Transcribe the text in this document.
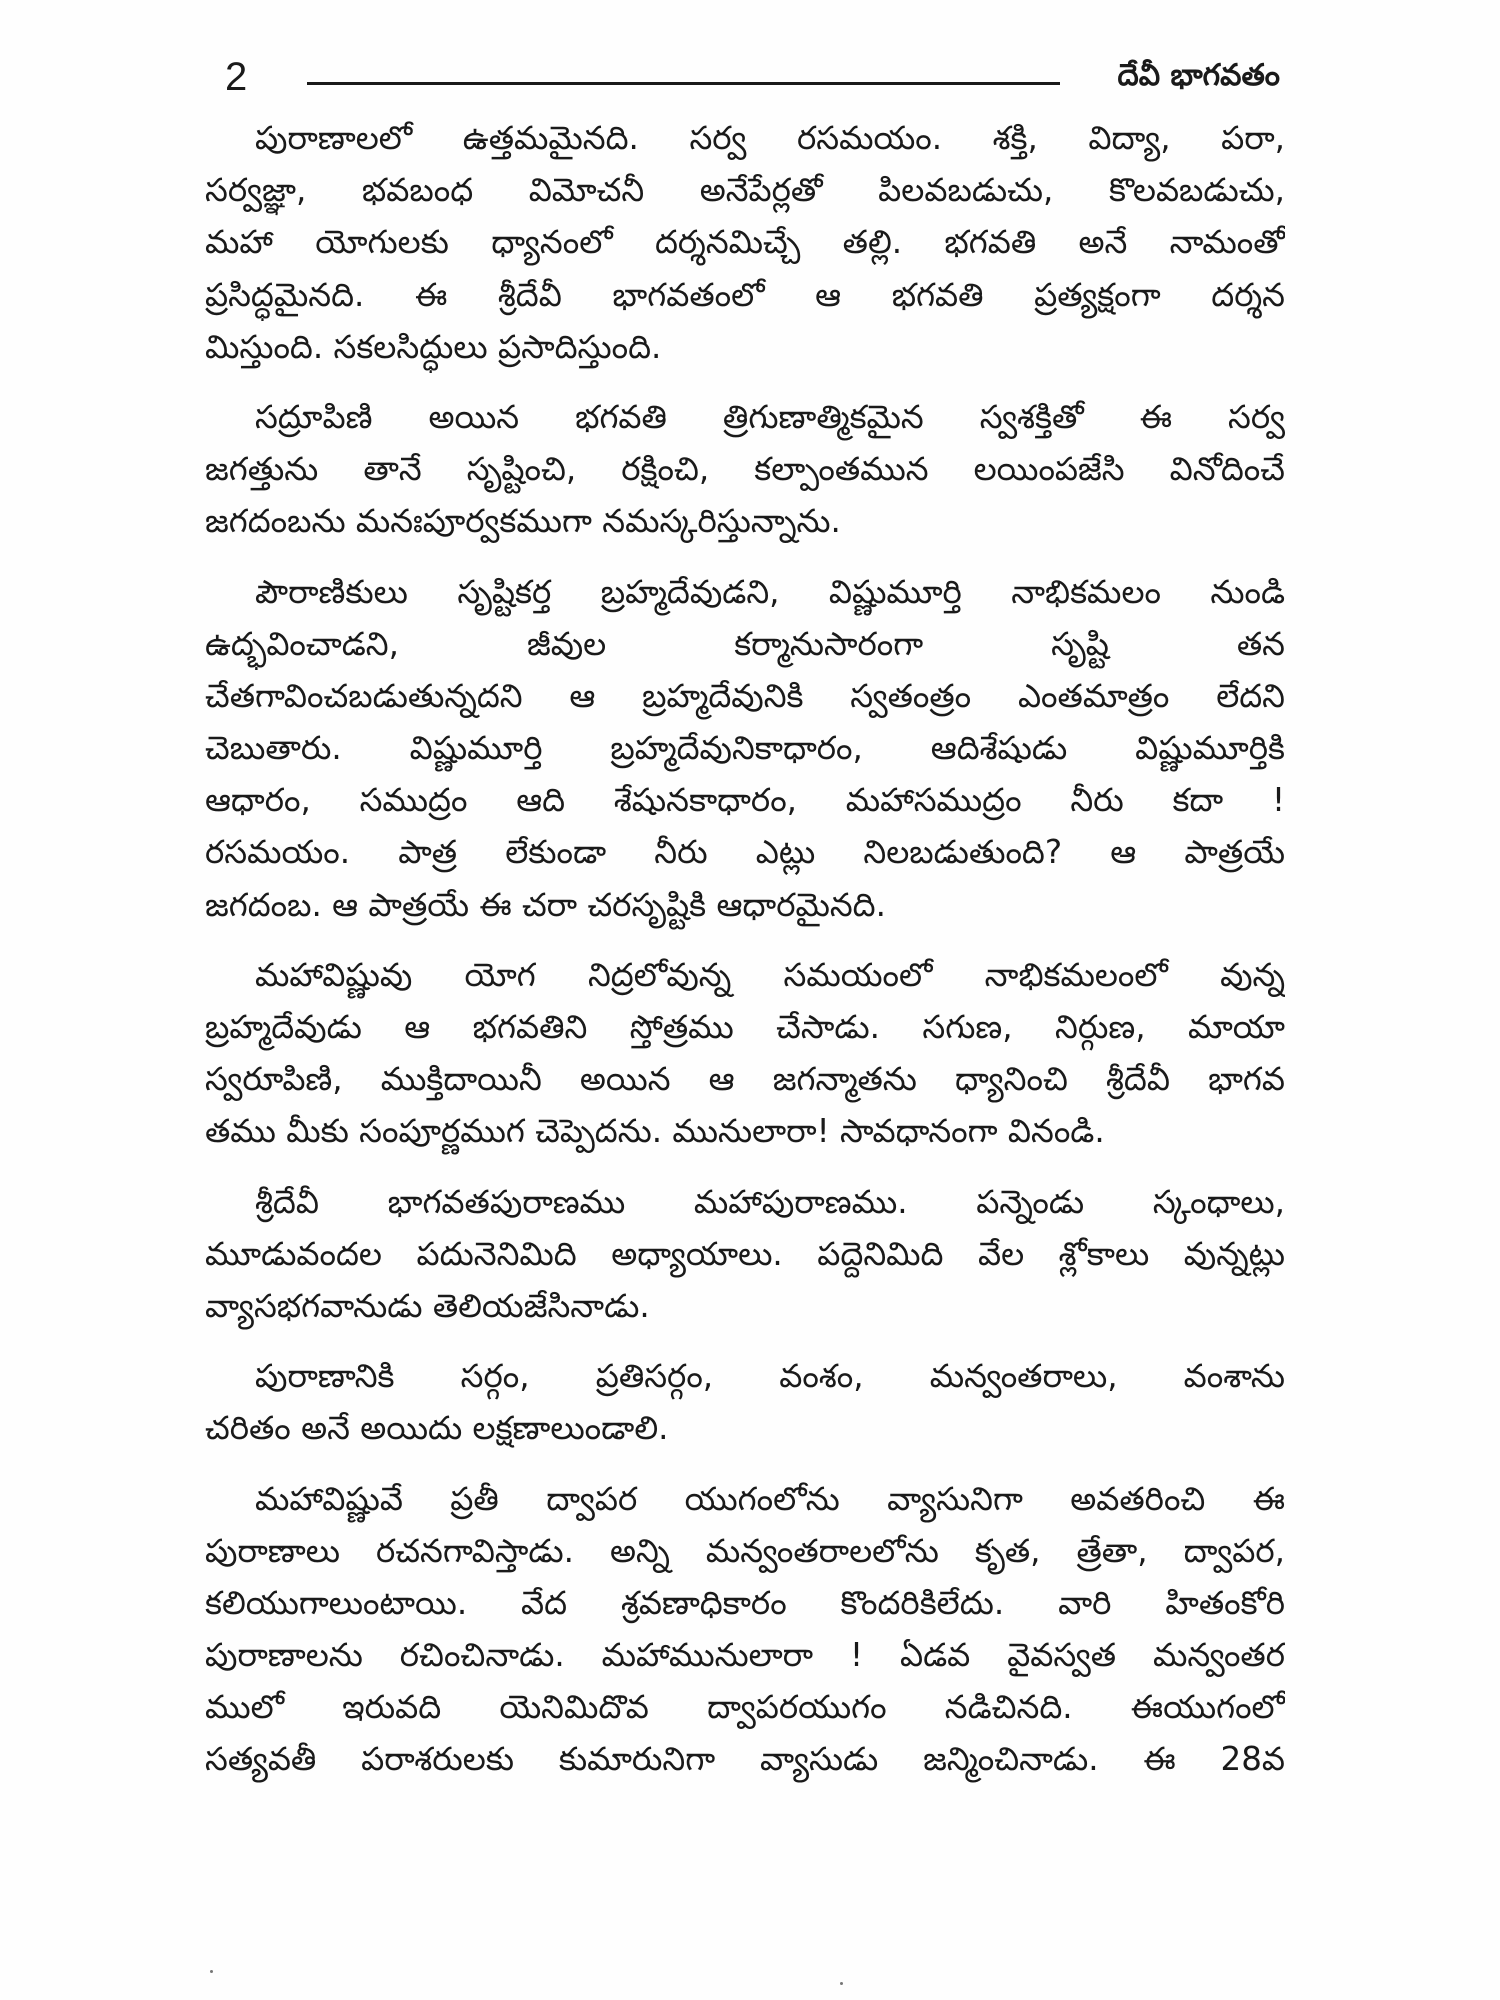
2	దేవీ భాగవతం
పురాణాలలో ఉత్తమమైనది. సర్వ రసమయం. శక్తి, విద్యా, పరా,
సర్వజ్ఞా, భవబంధ విమోచనీ అనేపేర్లతో పిలవబడుచు, కొలవబడుచు,
మహా యోగులకు ధ్యానంలో దర్శనమిచ్చే తల్లి. భగవతి అనే నామంతో
ప్రసిద్ధమైనది. ఈ శ్రీదేవీ భాగవతంలో ఆ భగవతి ప్రత్యక్షంగా దర్శన
మిస్తుంది. సకలసిద్ధులు ప్రసాదిస్తుంది.
సద్రూపిణి అయిన భగవతి త్రిగుణాత్మికమైన స్వశక్తితో ఈ సర్వ
జగత్తును తానే సృష్టించి, రక్షించి, కల్పాంతమున లయింపజేసి వినోదించే
జగదంబను మనఃపూర్వకముగా నమస్కరిస్తున్నాను.
పౌరాణికులు సృష్టికర్త బ్రహ్మదేవుడని, విష్ణుమూర్తి నాభికమలం నుండి
ఉద్భవించాడని, జీవుల కర్మానుసారంగా సృష్టి తన
చేతగావించబడుతున్నదని ఆ బ్రహ్మదేవునికి స్వతంత్రం ఎంతమాత్రం లేదని
చెబుతారు. విష్ణుమూర్తి బ్రహ్మదేవునికాధారం, ఆదిశేషుడు విష్ణుమూర్తికి
ఆధారం, సముద్రం ఆది శేషునకాధారం, మహాసముద్రం నీరు కదా !
రసమయం. పాత్ర లేకుండా నీరు ఎట్లు నిలబడుతుంది? ఆ పాత్రయే
జగదంబ. ఆ పాత్రయే ఈ చరా చరసృష్టికి ఆధారమైనది.
మహావిష్ణువు యోగ నిద్రలోవున్న సమయంలో నాభికమలంలో వున్న
బ్రహ్మదేవుడు ఆ భగవతిని స్తోత్రము చేసాడు. సగుణ, నిర్గుణ, మాయా
స్వరూపిణి, ముక్తిదాయినీ అయిన ఆ జగన్మాతను ధ్యానించి శ్రీదేవీ భాగవ
తము మీకు సంపూర్ణముగ చెప్పెదను. మునులారా! సావధానంగా వినండి.
శ్రీదేవీ భాగవతపురాణము మహాపురాణము. పన్నెండు స్కంధాలు,
మూడువందల పదునెనిమిది అధ్యాయాలు. పద్దెనిమిది వేల శ్లోకాలు వున్నట్లు
వ్యాసభగవానుడు తెలియజేసినాడు.
పురాణానికి సర్గం, ప్రతిసర్గం, వంశం, మన్వంతరాలు, వంశాను
చరితం అనే అయిదు లక్షణాలుండాలి.
మహావిష్ణువే ప్రతీ ద్వాపర యుగంలోను వ్యాసునిగా అవతరించి ఈ
పురాణాలు రచనగావిస్తాడు. అన్ని మన్వంతరాలలోను కృత, త్రేతా, ద్వాపర,
కలియుగాలుంటాయి. వేద శ్రవణాధికారం కొందరికిలేదు. వారి హితంకోరి
పురాణాలను రచించినాడు. మహామునులారా ! ఏడవ వైవస్వత మన్వంతర
ములో ఇరువది యెనిమిదొవ ద్వాపరయుగం నడిచినది. ఈయుగంలో
సత్యవతీ పరాశరులకు కుమారునిగా వ్యాసుడు జన్మించినాడు. ఈ 28వ
